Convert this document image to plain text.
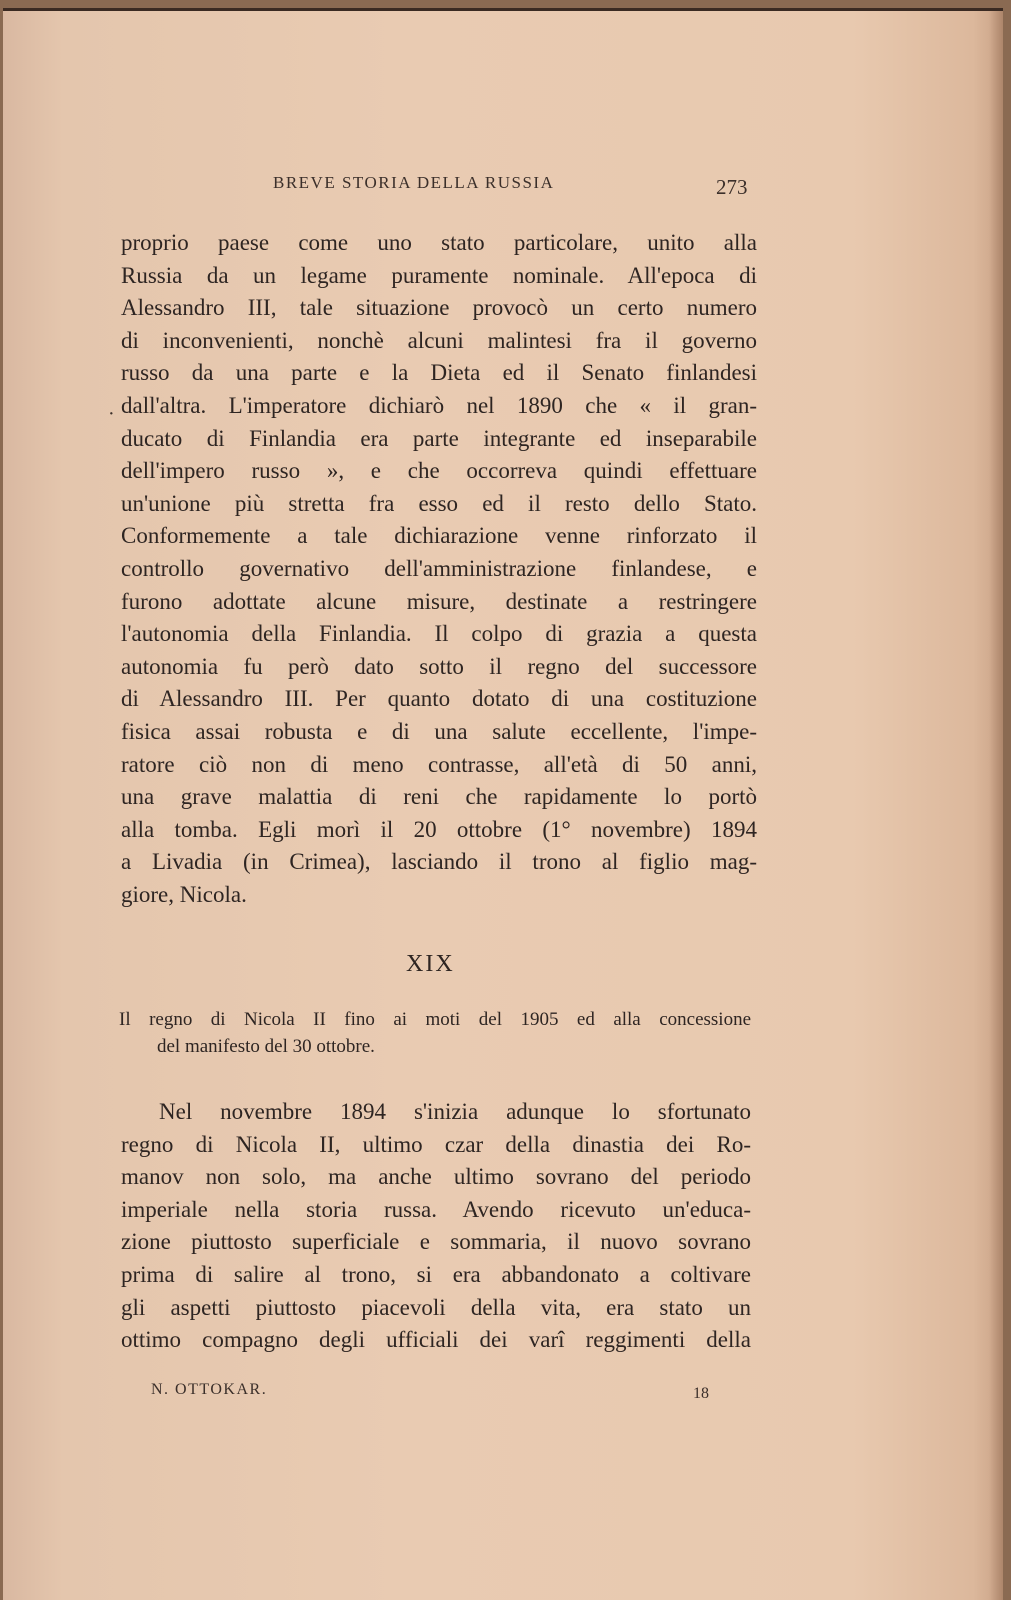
BREVE STORIA DELLA RUSSIA	273
·
proprio paese come uno stato particolare, unito alla
Russia da un legame puramente nominale. All'epoca di
Alessandro III, tale situazione provocò un certo numero
di inconvenienti, nonchè alcuni malintesi fra il governo
russo da una parte e la Dieta ed il Senato finlandesi
dall'altra. L'imperatore dichiarò nel 1890 che « il gran-
ducato di Finlandia era parte integrante ed inseparabile
dell'impero russo », e che occorreva quindi effettuare
un'unione più stretta fra esso ed il resto dello Stato.
Conformemente a tale dichiarazione venne rinforzato il
controllo governativo dell'amministrazione finlandese, e
furono adottate alcune misure, destinate a restringere
l'autonomia della Finlandia. Il colpo di grazia a questa
autonomia fu però dato sotto il regno del successore
di Alessandro III. Per quanto dotato di una costituzione
fisica assai robusta e di una salute eccellente, l'impe-
ratore ciò non di meno contrasse, all'età di 50 anni,
una grave malattia di reni che rapidamente lo portò
alla tomba. Egli morì il 20 ottobre (1° novembre) 1894
a Livadia (in Crimea), lasciando il trono al figlio mag-
giore, Nicola.
XIX
Il regno di Nicola II fino ai moti del 1905 ed alla concessione
del manifesto del 30 ottobre.
Nel novembre 1894 s'inizia adunque lo sfortunato
regno di Nicola II, ultimo czar della dinastia dei Ro-
manov non solo, ma anche ultimo sovrano del periodo
imperiale nella storia russa. Avendo ricevuto un'educa-
zione piuttosto superficiale e sommaria, il nuovo sovrano
prima di salire al trono, si era abbandonato a coltivare
gli aspetti piuttosto piacevoli della vita, era stato un
ottimo compagno degli ufficiali dei varî reggimenti della
N. OTTOKAR.	18
